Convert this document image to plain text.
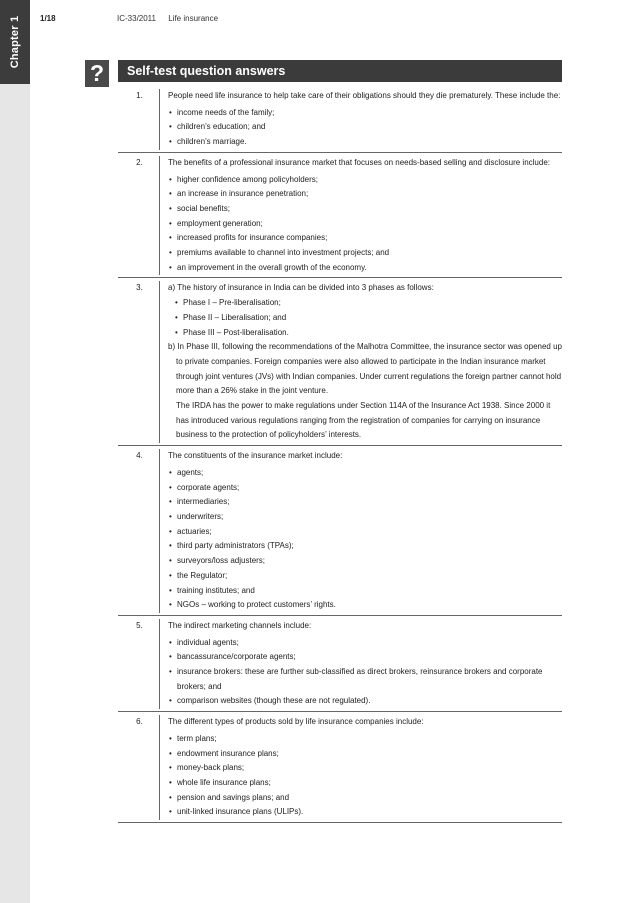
Chapter 1 1/18	IC-33/2011 Life insurance
?	Self-test question answers
1.	People need life insurance to help take care of their obligations should they die prematurely. These include the:
• income needs of the family;
• children’s education; and
• children’s marriage.
2.	The benefits of a professional insurance market that focuses on needs-based selling and disclosure include:
• higher confidence among policyholders;
• an increase in insurance penetration;
• social benefits;
• employment generation;
• increased profits for insurance companies;
• premiums available to channel into investment projects; and
• an improvement in the overall growth of the economy.
3.	a) The history of insurance in India can be divided into 3 phases as follows:
• Phase I – Pre-liberalisation;
• Phase II – Liberalisation; and
• Phase III – Post-liberalisation.
b) In Phase III, following the recommendations of the Malhotra Committee, the insurance sector was opened up to private companies. Foreign companies were also allowed to participate in the Indian insurance market through joint ventures (JVs) with Indian companies. Under current regulations the foreign partner cannot hold more than a 26% stake in the joint venture.
The IRDA has the power to make regulations under Section 114A of the Insurance Act 1938. Since 2000 it has introduced various regulations ranging from the registration of companies for carrying on insurance business to the protection of policyholders’ interests.
4.	The constituents of the insurance market include:
• agents;
• corporate agents;
• intermediaries;
• underwriters;
• actuaries;
• third party administrators (TPAs);
• surveyors/loss adjusters;
• the Regulator;
• training institutes; and
• NGOs – working to protect customers’ rights.
5.	The indirect marketing channels include:
• individual agents;
• bancassurance/corporate agents;
• insurance brokers: these are further sub-classified as direct brokers, reinsurance brokers and corporate brokers; and
• comparison websites (though these are not regulated).
6.	The different types of products sold by life insurance companies include:
• term plans;
• endowment insurance plans;
• money-back plans;
• whole life insurance plans;
• pension and savings plans; and
• unit-linked insurance plans (ULIPs).
